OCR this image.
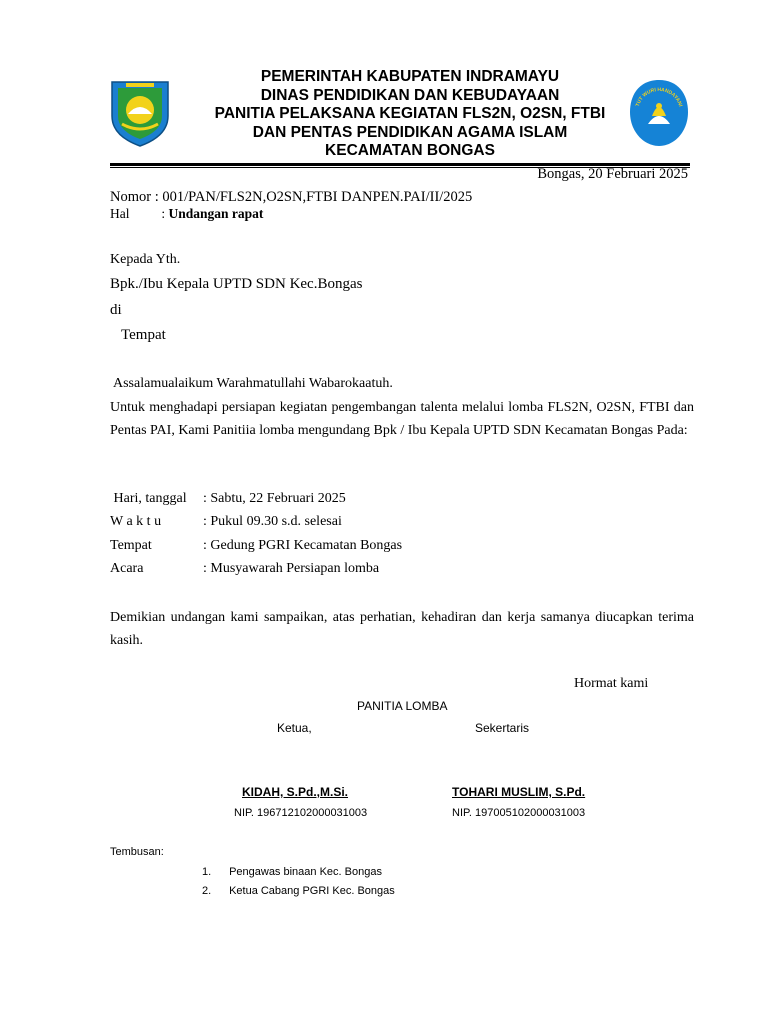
PEMERINTAH KABUPATEN INDRAMAYU
DINAS PENDIDIKAN DAN KEBUDAYAAN
PANITIA PELAKSANA KEGIATAN FLS2N, O2SN, FTBI
DAN PENTAS PENDIDIKAN AGAMA ISLAM
KECAMATAN BONGAS
TUT WURI HANDAYANI
Bongas, 20 Februari 2025
Nomor : 001/PAN/FLS2N,O2SN,FTBI DANPEN.PAI/II/2025
Hal : Undangan rapat
Kepada Yth.
Bpk./Ibu Kepala UPTD SDN Kec.Bongas
di
Tempat
Assalamualaikum Warahmatullahi Wabarokaatuh.
Untuk menghadapi persiapan kegiatan pengembangan talenta melalui lomba FLS2N, O2SN, FTBI dan Pentas PAI, Kami Panitiia lomba mengundang Bpk / Ibu Kepala UPTD SDN Kecamatan Bongas Pada:
Hari, tanggal : Sabtu, 22 Februari 2025
W a k t u	: Pukul 09.30 s.d. selesai
Tempat	: Gedung PGRI Kecamatan Bongas
Acara	: Musyawarah Persiapan lomba
Demikian undangan kami sampaikan, atas perhatian, kehadiran dan kerja samanya diucapkan terima kasih.
Hormat kami
PANITIA LOMBA
Ketua,	Sekertaris
KIDAH, S.Pd.,M.Si.	TOHARI MUSLIM, S.Pd.
NIP. 196712102000031003	NIP. 197005102000031003
Tembusan:
1. Pengawas binaan Kec. Bongas
2. Ketua Cabang PGRI Kec. Bongas
